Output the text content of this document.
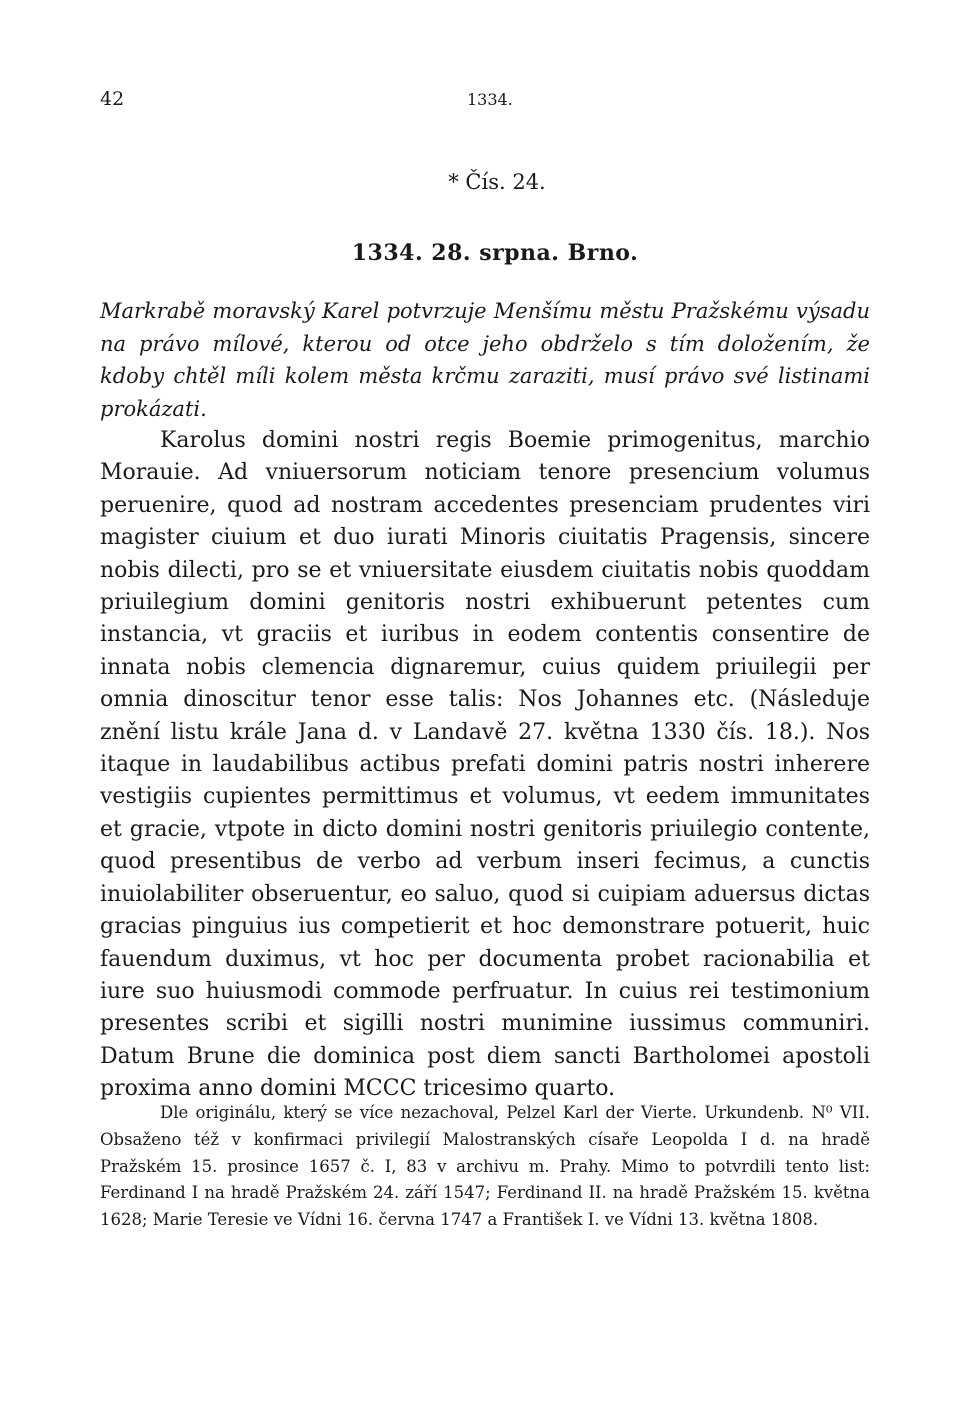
42	1334.
* Čís. 24.
1334. 28. srpna. Brno.

Markrabě moravský Karel potvrzuje Menšímu městu Pražskému výsadu na právo mílové, kterou od otce jeho obdrželo s tím doložením, že kdoby chtěl míli kolem města krčmu zaraziti, musí právo své listinami prokázati.

Karolus domini nostri regis Boemie primogenitus, marchio Morauie. Ad vniuersorum noticiam tenore presencium volumus peruenire, quod ad nostram accedentes presenciam prudentes viri magister ciuium et duo iurati Minoris ciuitatis Pragensis, sincere nobis dilecti, pro se et vniuersitate eiusdem ciuitatis nobis quoddam priuilegium domini genitoris nostri exhibuerunt petentes cum instancia, vt graciis et iuribus in eodem contentis consentire de innata nobis clemencia dignaremur, cuius quidem priuilegii per omnia dinoscitur tenor esse talis: Nos Johannes etc. (Následuje znění listu krále Jana d. v Landavě 27. května 1330 čís. 18.). Nos itaque in laudabilibus actibus prefati domini patris nostri inherere vestigiis cupientes permittimus et volumus, vt eedem immunitates et gracie, vtpote in dicto domini nostri genitoris priuilegio contente, quod presentibus de verbo ad verbum inseri fecimus, a cunctis inuiolabiliter obseruentur, eo saluo, quod si cuipiam aduersus dictas gracias pinguius ius competierit et hoc demonstrare potuerit, huic fauendum duximus, vt hoc per documenta probet racionabilia et iure suo huiusmodi commode perfruatur. In cuius rei testimonium presentes scribi et sigilli nostri munimine iussimus communiri. Datum Brune die dominica post diem sancti Bartholomei apostoli proxima anno domini MCCC tricesimo quarto.

Dle originálu, který se více nezachoval, Pelzel Karl der Vierte. Urkundenb. N⁰ VII. Obsaženo též v konfirmaci privilegií Malostranských císaře Leopolda I d. na hradě Pražském 15. prosince 1657 č. I, 83 v archivu m. Prahy. Mimo to potvrdili tento list: Ferdinand I na hradě Pražském 24. září 1547; Ferdinand II. na hradě Pražském 15. května 1628; Marie Teresie ve Vídni 16. června 1747 a František I. ve Vídni 13. května 1808.
